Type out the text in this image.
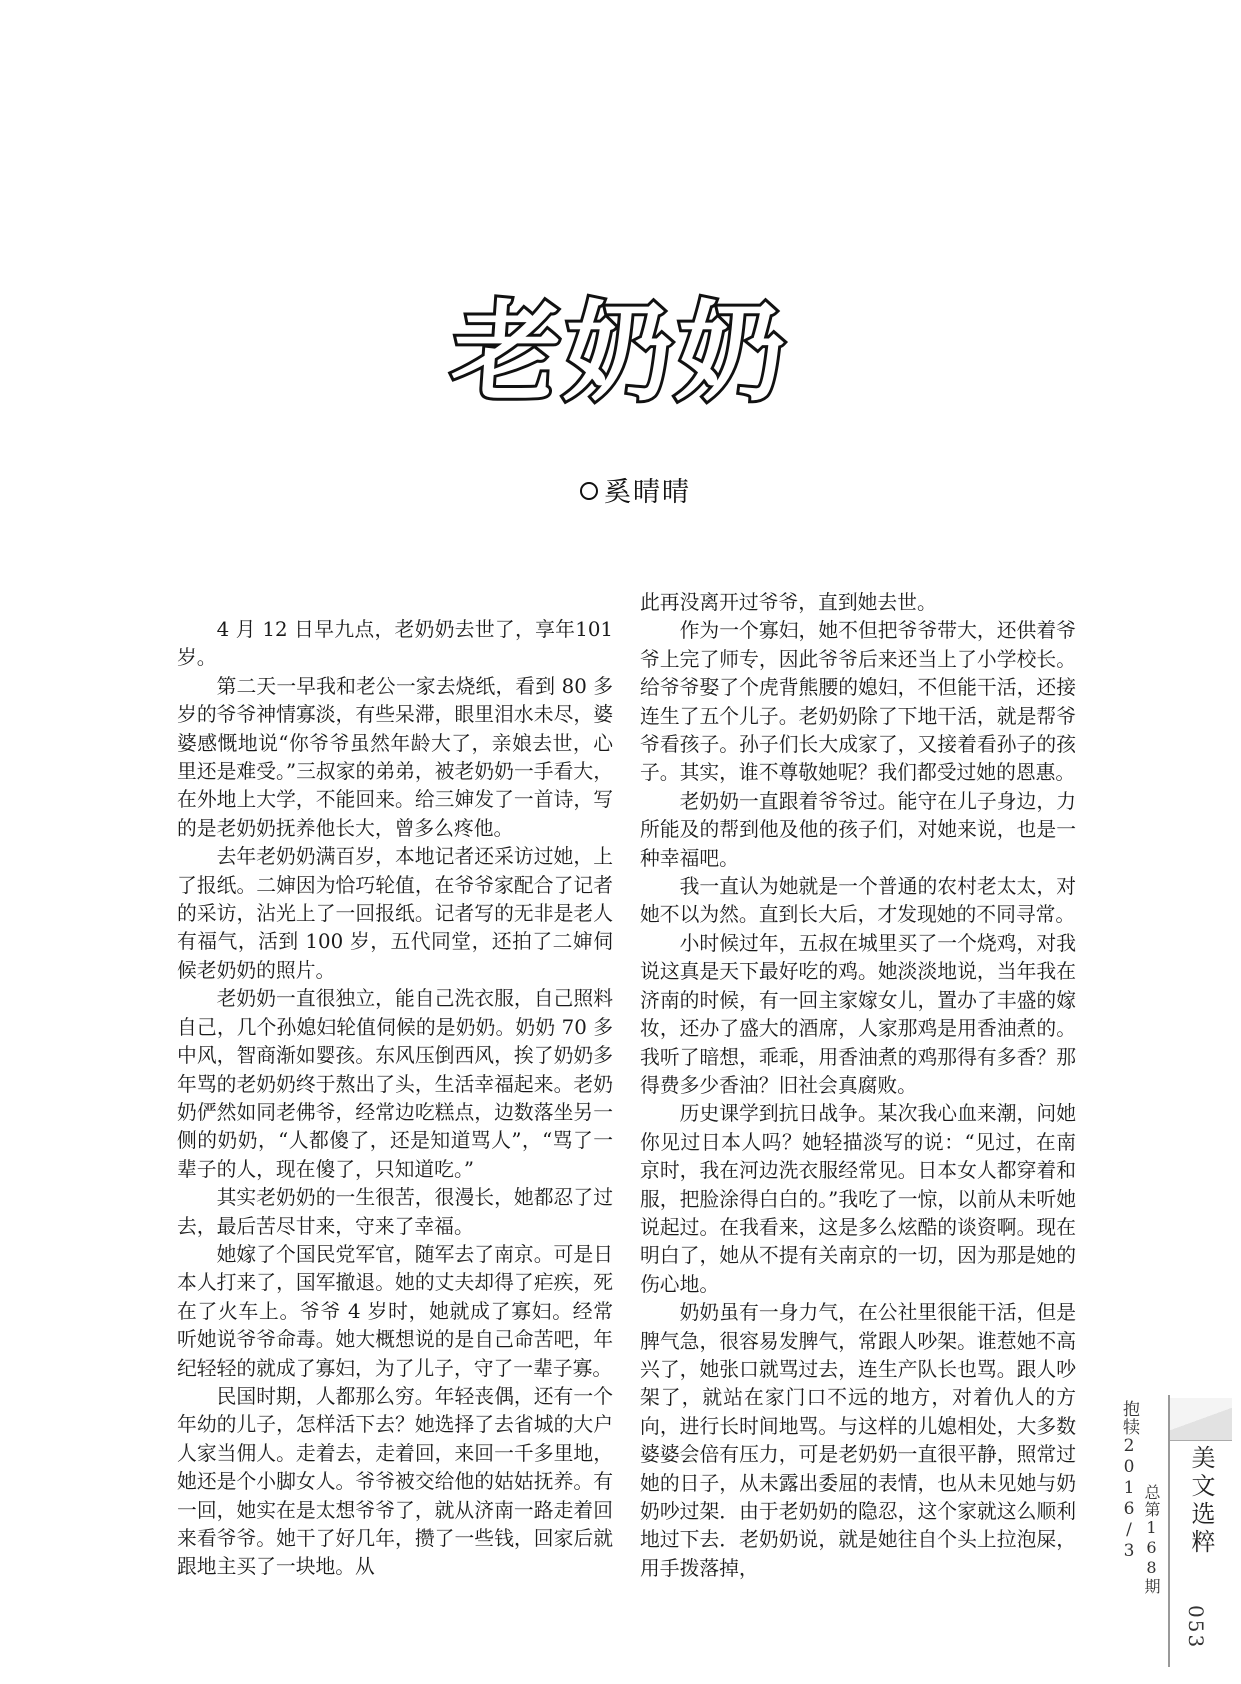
老奶奶
奚晴晴

4 月 12 日早九点，老奶奶去世了，享年101 岁。

第二天一早我和老公一家去烧纸，看到 80 多岁的爷爷神情寡淡，有些呆滞，眼里泪水未尽，婆婆感慨地说“你爷爷虽然年龄大了，亲娘去世，心里还是难受。”三叔家的弟弟，被老奶奶一手看大，在外地上大学，不能回来。给三婶发了一首诗，写的是老奶奶抚养他长大，曾多么疼他。

去年老奶奶满百岁，本地记者还采访过她，上了报纸。二婶因为恰巧轮值，在爷爷家配合了记者的采访，沾光上了一回报纸。记者写的无非是老人有福气，活到 100 岁，五代同堂，还拍了二婶伺候老奶奶的照片。

老奶奶一直很独立，能自己洗衣服，自己照料自己，几个孙媳妇轮值伺候的是奶奶。奶奶 70 多中风，智商渐如婴孩。东风压倒西风，挨了奶奶多年骂的老奶奶终于熬出了头，生活幸福起来。老奶奶俨然如同老佛爷，经常边吃糕点，边数落坐另一侧的奶奶，“人都傻了，还是知道骂人”，“骂了一辈子的人，现在傻了，只知道吃。”

其实老奶奶的一生很苦，很漫长，她都忍了过去，最后苦尽甘来，守来了幸福。

她嫁了个国民党军官，随军去了南京。可是日本人打来了，国军撤退。她的丈夫却得了疟疾，死在了火车上。爷爷 4 岁时，她就成了寡妇。经常听她说爷爷命毒。她大概想说的是自己命苦吧，年纪轻轻的就成了寡妇，为了儿子，守了一辈子寡。

民国时期，人都那么穷。年轻丧偶，还有一个年幼的儿子，怎样活下去？她选择了去省城的大户人家当佣人。走着去，走着回，来回一千多里地，她还是个小脚女人。爷爷被交给他的姑姑抚养。有一回，她实在是太想爷爷了，就从济南一路走着回来看爷爷。她干了好几年，攒了一些钱，回家后就跟地主买了一块地。从

此再没离开过爷爷，直到她去世。

作为一个寡妇，她不但把爷爷带大，还供着爷爷上完了师专，因此爷爷后来还当上了小学校长。给爷爷娶了个虎背熊腰的媳妇，不但能干活，还接连生了五个儿子。老奶奶除了下地干活，就是帮爷爷看孩子。孙子们长大成家了，又接着看孙子的孩子。其实，谁不尊敬她呢？我们都受过她的恩惠。

老奶奶一直跟着爷爷过。能守在儿子身边，力所能及的帮到他及他的孩子们，对她来说，也是一种幸福吧。

我一直认为她就是一个普通的农村老太太，对她不以为然。直到长大后，才发现她的不同寻常。

小时候过年，五叔在城里买了一个烧鸡，对我说这真是天下最好吃的鸡。她淡淡地说，当年我在济南的时候，有一回主家嫁女儿，置办了丰盛的嫁妆，还办了盛大的酒席，人家那鸡是用香油煮的。我听了暗想，乖乖，用香油煮的鸡那得有多香？那得费多少香油？旧社会真腐败。

历史课学到抗日战争。某次我心血来潮，问她你见过日本人吗？她轻描淡写的说：“见过，在南京时，我在河边洗衣服经常见。日本女人都穿着和服，把脸涂得白白的。”我吃了一惊，以前从未听她说起过。在我看来，这是多么炫酷的谈资啊。现在明白了，她从不提有关南京的一切，因为那是她的伤心地。

奶奶虽有一身力气，在公社里很能干活，但是脾气急，很容易发脾气，常跟人吵架。谁惹她不高兴了，她张口就骂过去，连生产队长也骂。跟人吵架了，就站在家门口不远的地方，对着仇人的方向，进行长时间地骂。与这样的儿媳相处，大多数婆婆会倍有压力，可是老奶奶一直很平静，照常过她的日子，从未露出委屈的表情，也从未见她与奶奶吵过架．由于老奶奶的隐忍，这个家就这么顺利地过下去．老奶奶说，就是她往自个头上拉泡屎，用手拨落掉，

抱犊2016/3 总第168期 美文选粹
053
